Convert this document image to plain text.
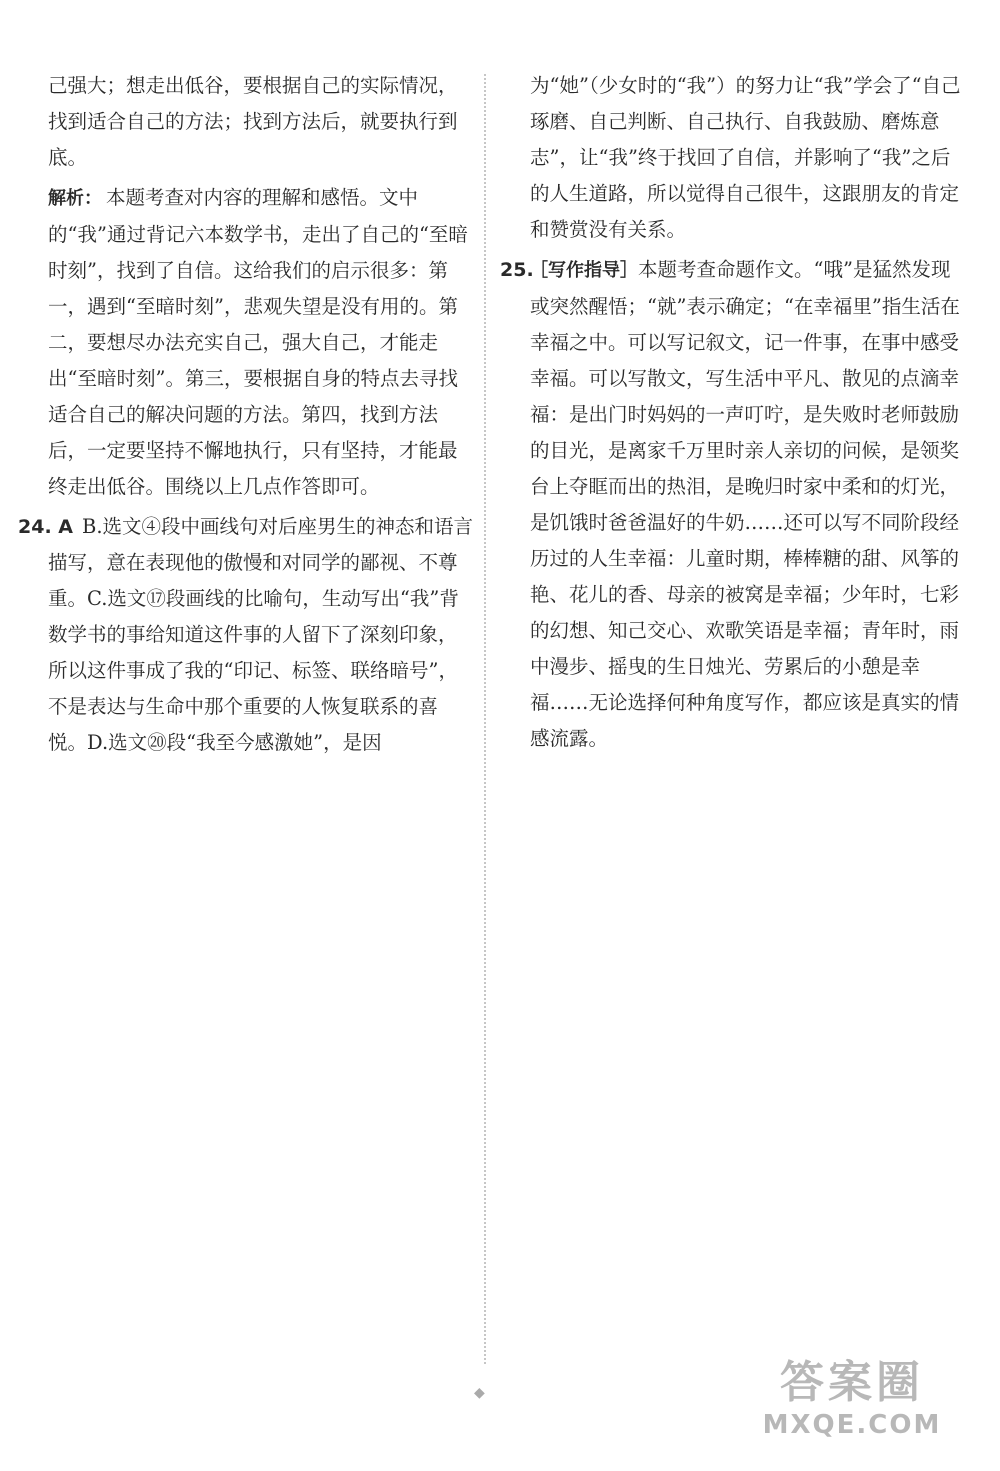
己强大；想走出低谷，要根据自己的实际情况，找到适合自己的方法；找到方法后，就要执行到底。

解析： 本题考查对内容的理解和感悟。文中的“我”通过背记六本数学书，走出了自己的“至暗时刻”，找到了自信。这给我们的启示很多：第一，遇到“至暗时刻”，悲观失望是没有用的。第二，要想尽办法充实自己，强大自己，才能走出“至暗时刻”。第三，要根据自身的特点去寻找适合自己的解决问题的方法。第四，找到方法后，一定要坚持不懈地执行，只有坚持，才能最终走出低谷。围绕以上几点作答即可。

24. A B.选文④段中画线句对后座男生的神态和语言描写，意在表现他的傲慢和对同学的鄙视、不尊重。C.选文⑰段画线的比喻句，生动写出“我”背数学书的事给知道这件事的人留下了深刻印象，所以这件事成了我的“印记、标签、联络暗号”，不是表达与生命中那个重要的人恢复联系的喜悦。D.选文⑳段“我至今感激她”，是因

为“她”（少女时的“我”）的努力让“我”学会了“自己琢磨、自己判断、自己执行、自我鼓励、磨炼意志”，让“我”终于找回了自信，并影响了“我”之后的人生道路，所以觉得自己很牛，这跟朋友的肯定和赞赏没有关系。

25.
［写作指导］本题考查命题作文。“哦”是猛然发现或突然醒悟；“就”表示确定；“在幸福里”指生活在幸福之中。可以写记叙文，记一件事，在事中感受幸福。可以写散文，写生活中平凡、散见的点滴幸福：是出门时妈妈的一声叮咛，是失败时老师鼓励的目光，是离家千万里时亲人亲切的问候，是领奖台上夺眶而出的热泪，是晚归时家中柔和的灯光，是饥饿时爸爸温好的牛奶……还可以写不同阶段经历过的人生幸福：儿童时期，棒棒糖的甜、风筝的艳、花儿的香、母亲的被窝是幸福；少年时，七彩的幻想、知己交心、欢歌笑语是幸福；青年时，雨中漫步、摇曳的生日烛光、劳累后的小憩是幸福……无论选择何种角度写作，都应该是真实的情感流露。
◆	答案圈
MXQE.COM
